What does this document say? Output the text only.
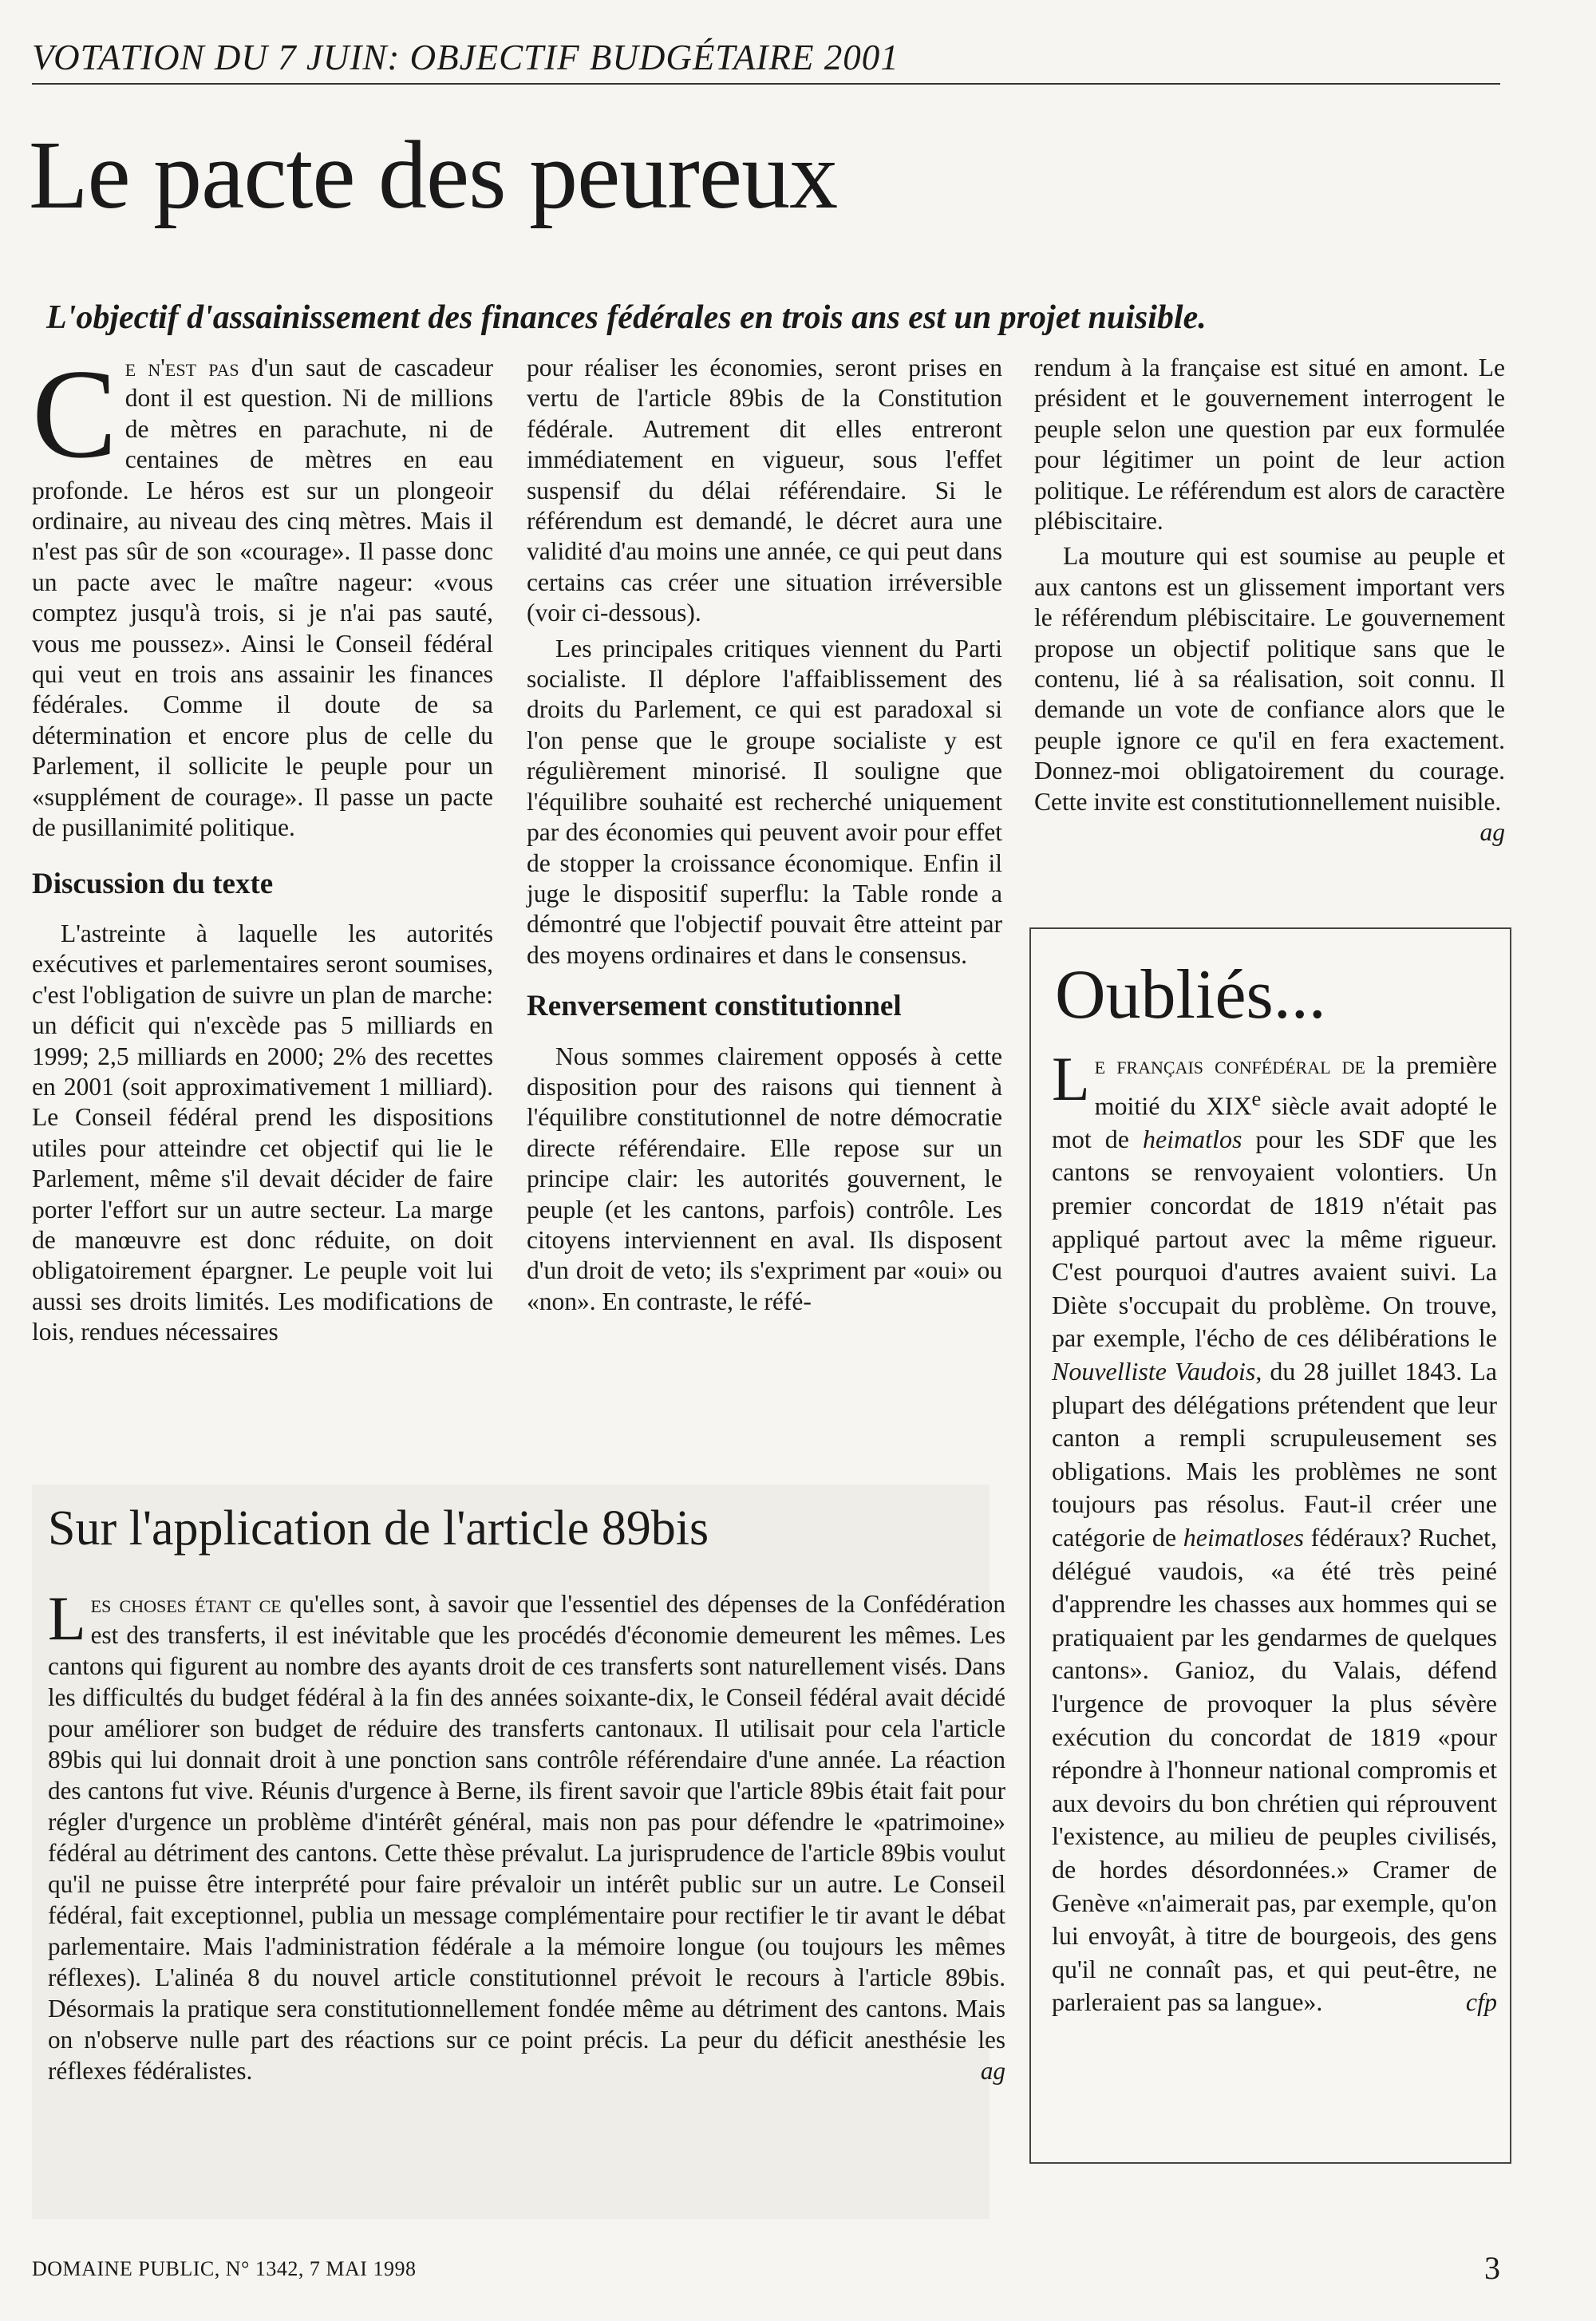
VOTATION DU 7 JUIN: OBJECTIF BUDGÉTAIRE 2001
Le pacte des peureux
L'objectif d'assainissement des finances fédérales en trois ans est un projet nuisible.

Ce n'est pas d'un saut de cascadeur dont il est question. Ni de millions de mètres en parachute, ni de centaines de mètres en eau profonde. Le héros est sur un plongeoir ordinaire, au niveau des cinq mètres. Mais il n'est pas sûr de son «courage». Il passe donc un pacte avec le maître nageur: «vous comptez jusqu'à trois, si je n'ai pas sauté, vous me poussez». Ainsi le Conseil fédéral qui veut en trois ans assainir les finances fédérales. Comme il doute de sa détermination et encore plus de celle du Parlement, il sollicite le peuple pour un «supplément de courage». Il passe un pacte de pusillanimité politique.

Discussion du texte

L'astreinte à laquelle les autorités exécutives et parlementaires seront soumises, c'est l'obligation de suivre un plan de marche: un déficit qui n'excède pas 5 milliards en 1999; 2,5 milliards en 2000; 2% des recettes en 2001 (soit approximativement 1 milliard). Le Conseil fédéral prend les dispositions utiles pour atteindre cet objectif qui lie le Parlement, même s'il devait décider de faire porter l'effort sur un autre secteur. La marge de manœuvre est donc réduite, on doit obligatoirement épargner. Le peuple voit lui aussi ses droits limités. Les modifications de lois, rendues nécessaires

pour réaliser les économies, seront prises en vertu de l'article 89bis de la Constitution fédérale. Autrement dit elles entreront immédiatement en vigueur, sous l'effet suspensif du délai référendaire. Si le référendum est demandé, le décret aura une validité d'au moins une année, ce qui peut dans certains cas créer une situation irréversible (voir ci-dessous).

Les principales critiques viennent du Parti socialiste. Il déplore l'affaiblissement des droits du Parlement, ce qui est paradoxal si l'on pense que le groupe socialiste y est régulièrement minorisé. Il souligne que l'équilibre souhaité est recherché uniquement par des économies qui peuvent avoir pour effet de stopper la croissance économique. Enfin il juge le dispositif superflu: la Table ronde a démontré que l'objectif pouvait être atteint par des moyens ordinaires et dans le consensus.

Renversement constitutionnel

Nous sommes clairement opposés à cette disposition pour des raisons qui tiennent à l'équilibre constitutionnel de notre démocratie directe référendaire. Elle repose sur un principe clair: les autorités gouvernent, le peuple (et les cantons, parfois) contrôle. Les citoyens interviennent en aval. Ils disposent d'un droit de veto; ils s'expriment par «oui» ou «non». En contraste, le réfé-

rendum à la française est situé en amont. Le président et le gouvernement interrogent le peuple selon une question par eux formulée pour légitimer un point de leur action politique. Le référendum est alors de caractère plébiscitaire.

La mouture qui est soumise au peuple et aux cantons est un glissement important vers le référendum plébiscitaire. Le gouvernement propose un objectif politique sans que le contenu, lié à sa réalisation, soit connu. Il demande un vote de confiance alors que le peuple ignore ce qu'il en fera exactement. Donnez-moi obligatoirement du courage. Cette invite est constitutionnellement nuisible.
ag

Sur l'application de l'article 89bis

Les choses étant ce qu'elles sont, à savoir que l'essentiel des dépenses de la Confédération est des transferts, il est inévitable que les procédés d'économie demeurent les mêmes. Les cantons qui figurent au nombre des ayants droit de ces transferts sont naturellement visés. Dans les difficultés du budget fédéral à la fin des années soixante-dix, le Conseil fédéral avait décidé pour améliorer son budget de réduire des transferts cantonaux. Il utilisait pour cela l'article 89bis qui lui donnait droit à une ponction sans contrôle référendaire d'une année. La réaction des cantons fut vive. Réunis d'urgence à Berne, ils firent savoir que l'article 89bis était fait pour régler d'urgence un problème d'intérêt général, mais non pas pour défendre le «patrimoine» fédéral au détriment des cantons. Cette thèse prévalut. La jurisprudence de l'article 89bis voulut qu'il ne puisse être interprété pour faire prévaloir un intérêt public sur un autre. Le Conseil fédéral, fait exceptionnel, publia un message complémentaire pour rectifier le tir avant le débat parlementaire. Mais l'administration fédérale a la mémoire longue (ou toujours les mêmes réflexes). L'alinéa 8 du nouvel article constitutionnel prévoit le recours à l'article 89bis. Désormais la pratique sera constitutionnellement fondée même au détriment des cantons. Mais on n'observe nulle part des réactions sur ce point précis. La peur du déficit anesthésie les réflexes fédéralistes.	ag

Oubliés...

Le français confédéral de la première moitié du XIXe siècle avait adopté le mot de heimatlos pour les SDF que les cantons se renvoyaient volontiers. Un premier concordat de 1819 n'était pas appliqué partout avec la même rigueur. C'est pourquoi d'autres avaient suivi. La Diète s'occupait du problème. On trouve, par exemple, l'écho de ces délibérations le Nouvelliste Vaudois, du 28 juillet 1843. La plupart des délégations prétendent que leur canton a rempli scrupuleusement ses obligations. Mais les problèmes ne sont toujours pas résolus. Faut-il créer une catégorie de heimatloses fédéraux? Ruchet, délégué vaudois, «a été très peiné d'apprendre les chasses aux hommes qui se pratiquaient par les gendarmes de quelques cantons». Ganioz, du Valais, défend l'urgence de provoquer la plus sévère exécution du concordat de 1819 «pour répondre à l'honneur national compromis et aux devoirs du bon chrétien qui réprouvent l'existence, au milieu de peuples civilisés, de hordes désordonnées.» Cramer de Genève «n'aimerait pas, par exemple, qu'on lui envoyât, à titre de bourgeois, des gens qu'il ne connaît pas, et qui peut-être, ne parleraient pas sa langue».	cfp

DOMAINE PUBLIC, N° 1342, 7 MAI 1998	3
